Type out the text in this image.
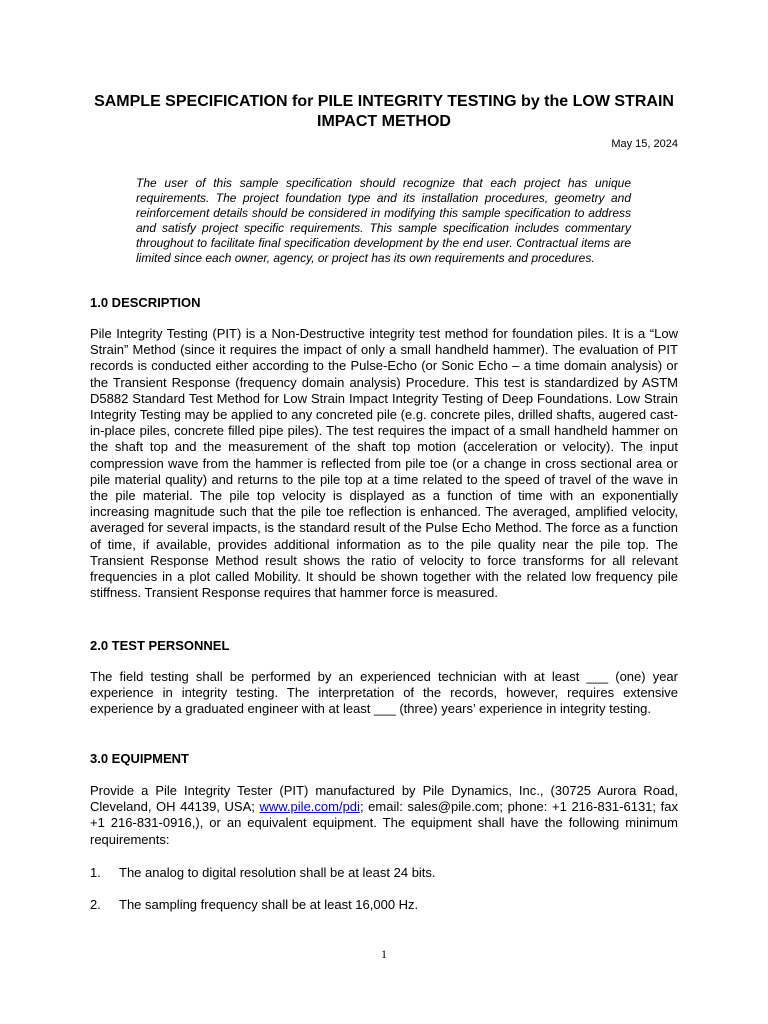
SAMPLE SPECIFICATION for PILE INTEGRITY TESTING by the LOW STRAIN IMPACT METHOD
May 15, 2024
The user of this sample specification should recognize that each project has unique requirements. The project foundation type and its installation procedures, geometry and reinforcement details should be considered in modifying this sample specification to address and satisfy project specific requirements. This sample specification includes commentary throughout to facilitate final specification development by the end user. Contractual items are limited since each owner, agency, or project has its own requirements and procedures.
1.0 DESCRIPTION
Pile Integrity Testing (PIT) is a Non-Destructive integrity test method for foundation piles. It is a “Low Strain” Method (since it requires the impact of only a small handheld hammer). The evaluation of PIT records is conducted either according to the Pulse-Echo (or Sonic Echo – a time domain analysis) or the Transient Response (frequency domain analysis) Procedure. This test is standardized by ASTM D5882 Standard Test Method for Low Strain Impact Integrity Testing of Deep Foundations. Low Strain Integrity Testing may be applied to any concreted pile (e.g. concrete piles, drilled shafts, augered cast-in-place piles, concrete filled pipe piles). The test requires the impact of a small handheld hammer on the shaft top and the measurement of the shaft top motion (acceleration or velocity). The input compression wave from the hammer is reflected from pile toe (or a change in cross sectional area or pile material quality) and returns to the pile top at a time related to the speed of travel of the wave in the pile material. The pile top velocity is displayed as a function of time with an exponentially increasing magnitude such that the pile toe reflection is enhanced. The averaged, amplified velocity, averaged for several impacts, is the standard result of the Pulse Echo Method. The force as a function of time, if available, provides additional information as to the pile quality near the pile top. The Transient Response Method result shows the ratio of velocity to force transforms for all relevant frequencies in a plot called Mobility. It should be shown together with the related low frequency pile stiffness. Transient Response requires that hammer force is measured.
2.0 TEST PERSONNEL
The field testing shall be performed by an experienced technician with at least ___ (one) year experience in integrity testing. The interpretation of the records, however, requires extensive experience by a graduated engineer with at least ___ (three) years’ experience in integrity testing.
3.0 EQUIPMENT
Provide a Pile Integrity Tester (PIT) manufactured by Pile Dynamics, Inc., (30725 Aurora Road, Cleveland, OH 44139, USA; www.pile.com/pdi; email: sales@pile.com; phone: +1 216-831-6131; fax +1 216-831-0916,), or an equivalent equipment. The equipment shall have the following minimum requirements:
1. The analog to digital resolution shall be at least 24 bits.
2. The sampling frequency shall be at least 16,000 Hz.
1
